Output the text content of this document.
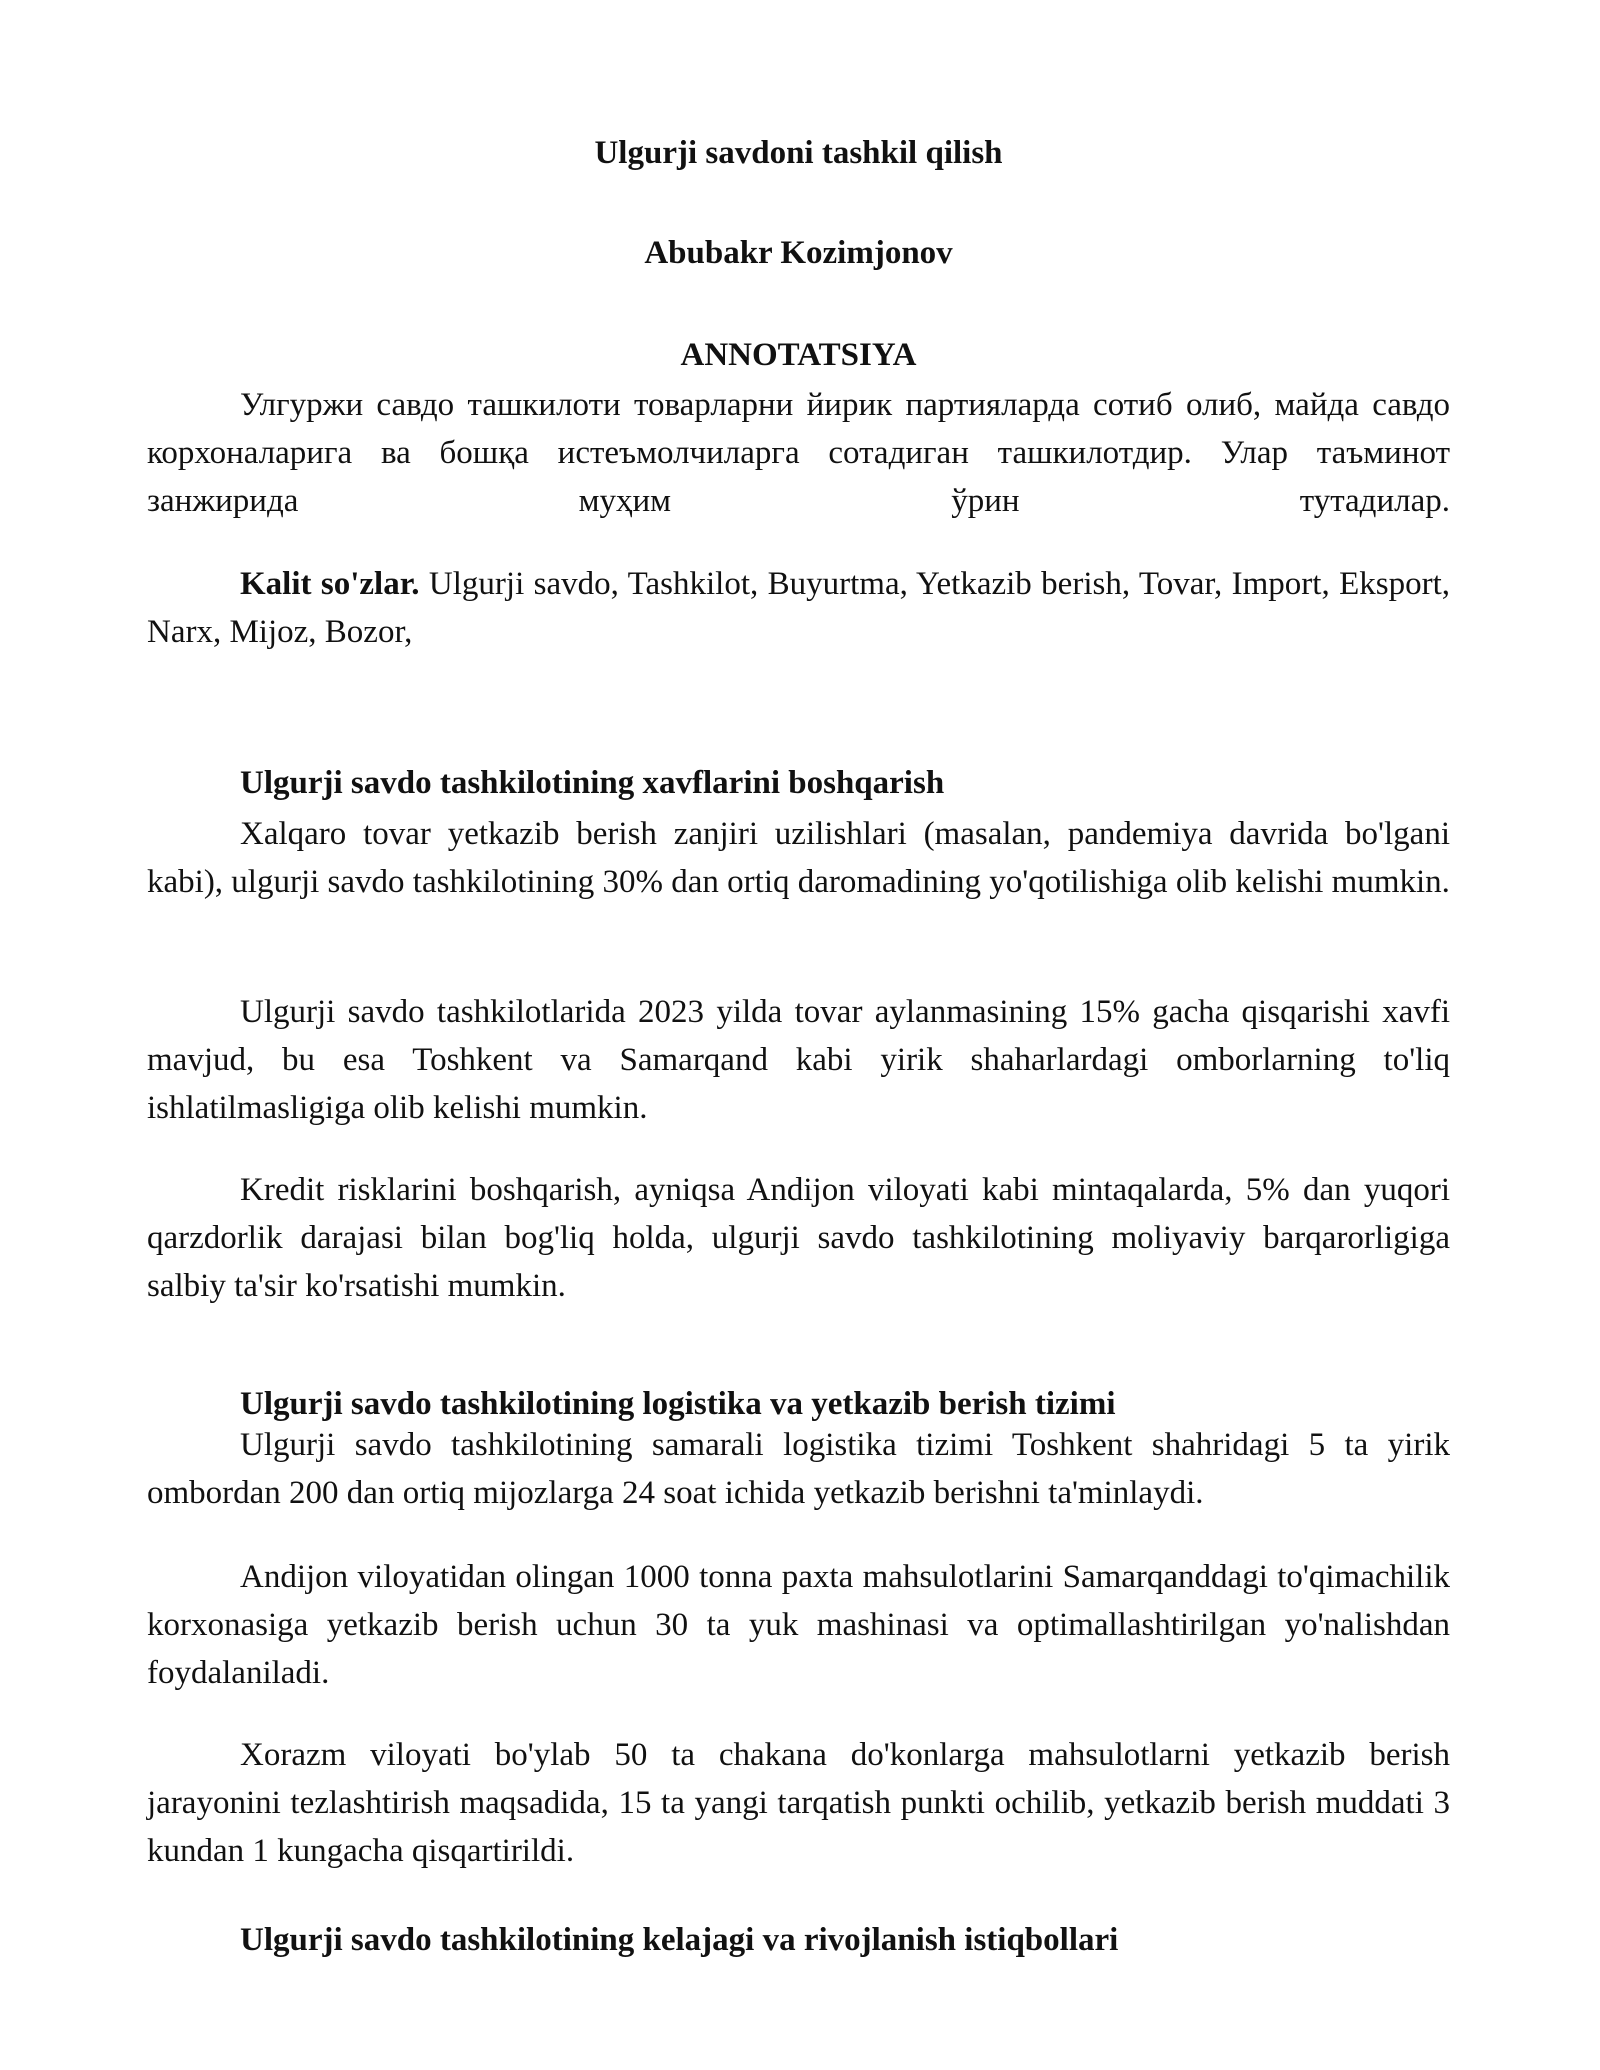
Ulgurji savdoni tashkil qilish
Abubakr Kozimjonov
ANNOTATSIYA

Улгуржи савдо ташкилоти товарларни йирик партияларда сотиб олиб, майда савдо корхоналарига ва бошқа истеъмолчиларга сотадиган ташкилотдир. Улар таъминот занжирида муҳим ўрин тутадилар.

Kalit so'zlar. Ulgurji savdo, Tashkilot, Buyurtma, Yetkazib berish, Tovar, Import, Eksport, Narx, Mijoz, Bozor,

Ulgurji savdo tashkilotining xavflarini boshqarish

Xalqaro tovar yetkazib berish zanjiri uzilishlari (masalan, pandemiya davrida bo'lgani kabi), ulgurji savdo tashkilotining 30% dan ortiq daromadining yo'qotilishiga olib kelishi mumkin.

Ulgurji savdo tashkilotlarida 2023 yilda tovar aylanmasining 15% gacha qisqarishi xavfi mavjud, bu esa Toshkent va Samarqand kabi yirik shaharlardagi omborlarning to'liq ishlatilmasligiga olib kelishi mumkin.

Kredit risklarini boshqarish, ayniqsa Andijon viloyati kabi mintaqalarda, 5% dan yuqori qarzdorlik darajasi bilan bog'liq holda, ulgurji savdo tashkilotining moliyaviy barqarorligiga salbiy ta'sir ko'rsatishi mumkin.

Ulgurji savdo tashkilotining logistika va yetkazib berish tizimi

Ulgurji savdo tashkilotining samarali logistika tizimi Toshkent shahridagi 5 ta yirik ombordan 200 dan ortiq mijozlarga 24 soat ichida yetkazib berishni ta'minlaydi.

Andijon viloyatidan olingan 1000 tonna paxta mahsulotlarini Samarqanddagi to'qimachilik korxonasiga yetkazib berish uchun 30 ta yuk mashinasi va optimallashtirilgan yo'nalishdan foydalaniladi.

Xorazm viloyati bo'ylab 50 ta chakana do'konlarga mahsulotlarni yetkazib berish jarayonini tezlashtirish maqsadida, 15 ta yangi tarqatish punkti ochilib, yetkazib berish muddati 3 kundan 1 kungacha qisqartirildi.

Ulgurji savdo tashkilotining kelajagi va rivojlanish istiqbollari
